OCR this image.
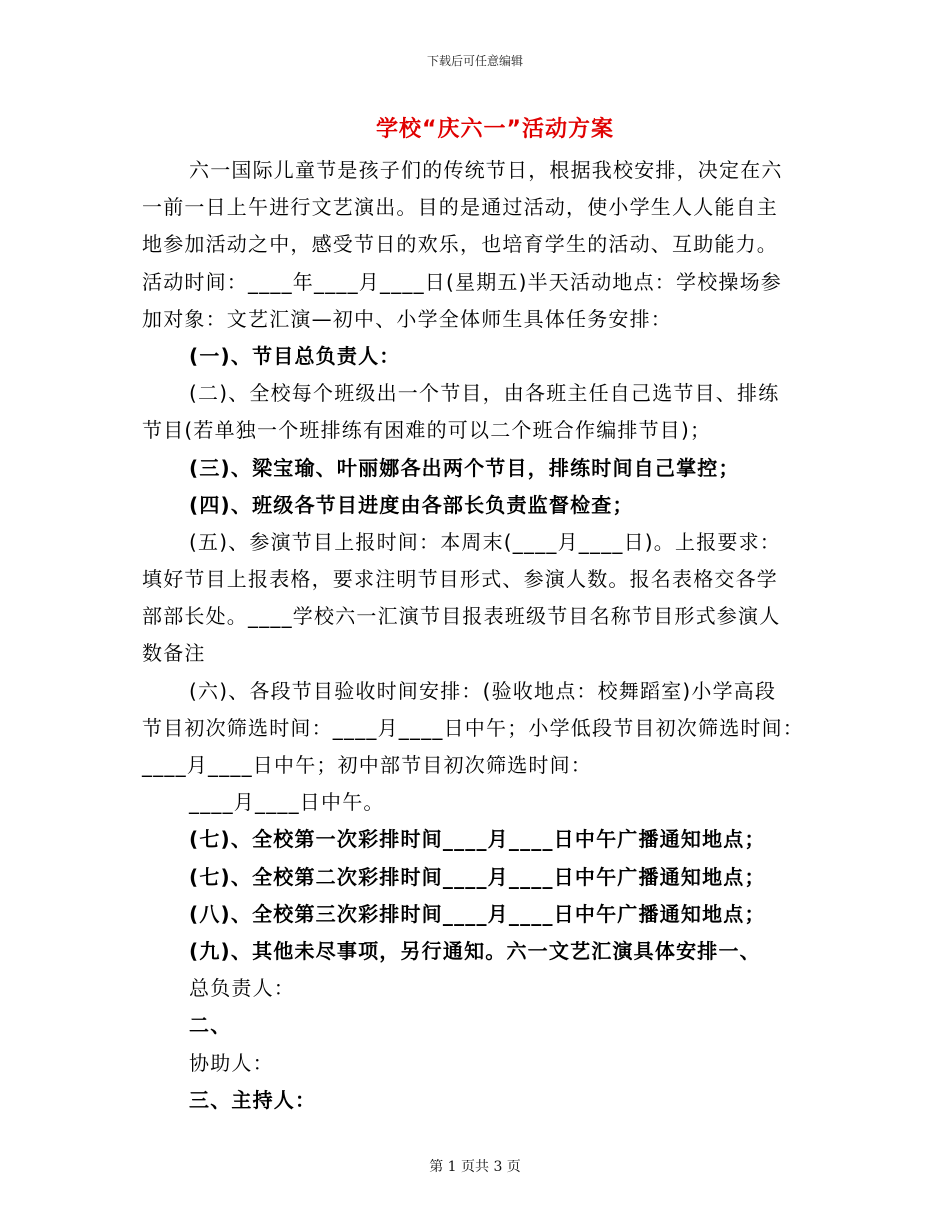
下载后可任意编辑
学校“庆六一”活动方案
六一国际儿童节是孩子们的传统节日，根据我校安排，决定在六
一前一日上午进行文艺演出。目的是通过活动，使小学生人人能自主
地参加活动之中，感受节日的欢乐，也培育学生的活动、互助能力。
活动时间：____年____月____日(星期五)半天活动地点：学校操场参
加对象：文艺汇演—初中、小学全体师生具体任务安排：
(一)、节目总负责人：
(二)、全校每个班级出一个节目，由各班主任自己选节目、排练
节目(若单独一个班排练有困难的可以二个班合作编排节目)；
(三)、梁宝瑜、叶丽娜各出两个节目，排练时间自己掌控；
(四)、班级各节目进度由各部长负责监督检查；
(五)、参演节目上报时间：本周末(____月____日)。上报要求：
填好节目上报表格，要求注明节目形式、参演人数。报名表格交各学
部部长处。____学校六一汇演节目报表班级节目名称节目形式参演人
数备注
(六)、各段节目验收时间安排：(验收地点：校舞蹈室)小学高段
节目初次筛选时间：____月____日中午；小学低段节目初次筛选时间：
____月____日中午；初中部节目初次筛选时间：
____月____日中午。
(七)、全校第一次彩排时间____月____日中午广播通知地点；
(七)、全校第二次彩排时间____月____日中午广播通知地点；
(八)、全校第三次彩排时间____月____日中午广播通知地点；
(九)、其他未尽事项，另行通知。六一文艺汇演具体安排一、
总负责人：
二、
协助人：
三、主持人：
第 1 页共 3 页
